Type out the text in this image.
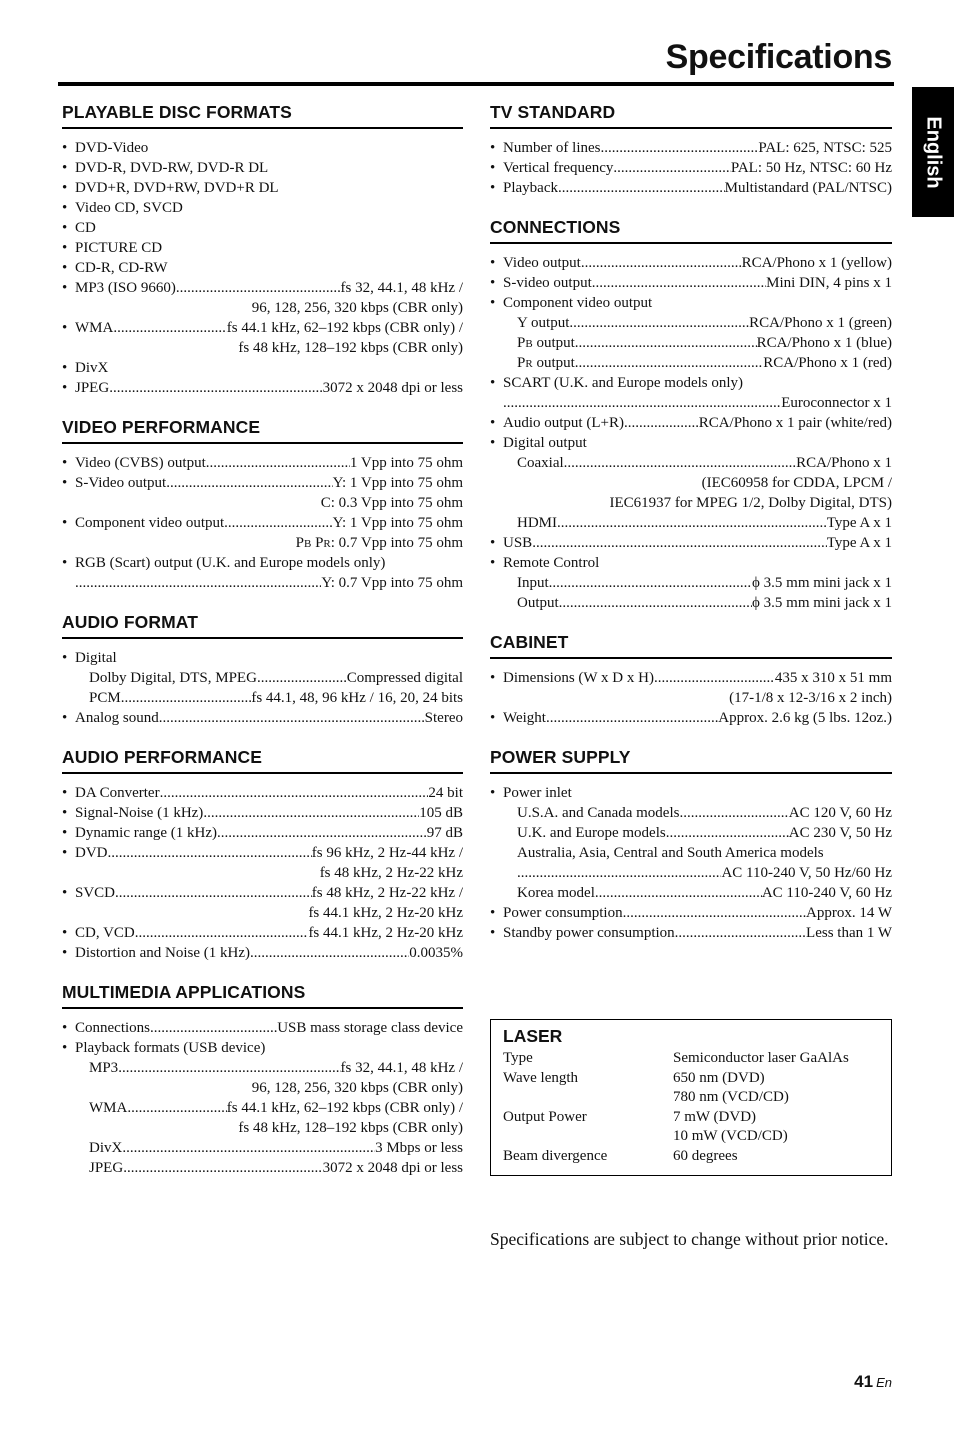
Specifications
English
PLAYABLE DISC FORMATS
• DVD-Video
• DVD-R, DVD-RW, DVD-R DL
• DVD+R, DVD+RW, DVD+R DL
• Video CD, SVCD
• CD
• PICTURE CD
• CD-R, CD-RW
• MP3 (ISO 9660) .....	fs 32, 44.1, 48 kHz /
96, 128, 256, 320 kbps (CBR only)
• WMA .....	fs 44.1 kHz, 62–192 kbps (CBR only) /
fs 48 kHz, 128–192 kbps (CBR only)
• DivX
• JPEG .....	3072 x 2048 dpi or less
VIDEO PERFORMANCE
• Video (CVBS) output .....	1 Vpp into 75 ohm
• S-Video output .....	Y: 1 Vpp into 75 ohm
C: 0.3 Vpp into 75 ohm
• Component video output .....	Y: 1 Vpp into 75 ohm
PB PR: 0.7 Vpp into 75 ohm
• RGB (Scart) output (U.K. and Europe models only)
.....
Y: 0.7 Vpp into 75 ohm
AUDIO FORMAT
• Digital
Dolby Digital, DTS, MPEG .....	Compressed digital
PCM .....	fs 44.1, 48, 96 kHz / 16, 20, 24 bits
• Analog sound .....	Stereo
AUDIO PERFORMANCE
• DA Converter .....	24 bit
• Signal-Noise (1 kHz) .....	105 dB
• Dynamic range (1 kHz) .....	97 dB
• DVD .....	fs 96 kHz, 2 Hz-44 kHz /
fs 48 kHz, 2 Hz-22 kHz
• SVCD .....	fs 48 kHz, 2 Hz-22 kHz /
fs 44.1 kHz, 2 Hz-20 kHz
• CD, VCD .....	fs 44.1 kHz, 2 Hz-20 kHz
• Distortion and Noise (1 kHz) .....	0.0035%
MULTIMEDIA APPLICATIONS
• Connections .....	USB mass storage class device
• Playback formats (USB device)
MP3 .....	fs 32, 44.1, 48 kHz /
96, 128, 256, 320 kbps (CBR only)
WMA .....	fs 44.1 kHz, 62–192 kbps (CBR only) /
fs 48 kHz, 128–192 kbps (CBR only)
DivX .....	3 Mbps or less
JPEG .....	3072 x 2048 dpi or less
TV STANDARD
• Number of lines .....	PAL: 625, NTSC: 525
• Vertical frequency .....	PAL: 50 Hz, NTSC: 60 Hz
• Playback .....	Multistandard (PAL/NTSC)
CONNECTIONS
• Video output .....	RCA/Phono x 1 (yellow)
• S-video output .....	Mini DIN, 4 pins x 1
• Component video output
Y output .....	RCA/Phono x 1 (green)
PB output .....	RCA/Phono x 1 (blue)
PR output .....	RCA/Phono x 1 (red)
• SCART (U.K. and Europe models only)
.....
Euroconnector x 1
• Audio output (L+R) .....	RCA/Phono x 1 pair (white/red)
• Digital output
Coaxial .....	RCA/Phono x 1
(IEC60958 for CDDA, LPCM /
IEC61937 for MPEG 1/2, Dolby Digital, DTS)
HDMI .....	Type A x 1
• USB .....	Type A x 1
• Remote Control
Input .....	ϕ 3.5 mm mini jack x 1
Output .....	ϕ 3.5 mm mini jack x 1
CABINET
• Dimensions (W x D x H) .....	435 x 310 x 51 mm
(17-1/8 x 12-3/16 x 2 inch)
• Weight .....	Approx. 2.6 kg (5 lbs. 12oz.)
POWER SUPPLY
• Power inlet
U.S.A. and Canada models .....	AC 120 V, 60 Hz
U.K. and Europe models .....	AC 230 V, 50 Hz
Australia, Asia, Central and South America models
.....
AC 110-240 V, 50 Hz/60 Hz
Korea model .....	AC 110-240 V, 60 Hz
• Power consumption .....	Approx. 14 W
• Standby power consumption .....	Less than 1 W
LASER
Type	Semiconductor laser GaAlAs
Wave length	650 nm (DVD)
780 nm (VCD/CD)
Output Power	7 mW (DVD)
10 mW (VCD/CD)
Beam divergence	60 degrees
Specifications are subject to change without prior notice.
41 En
